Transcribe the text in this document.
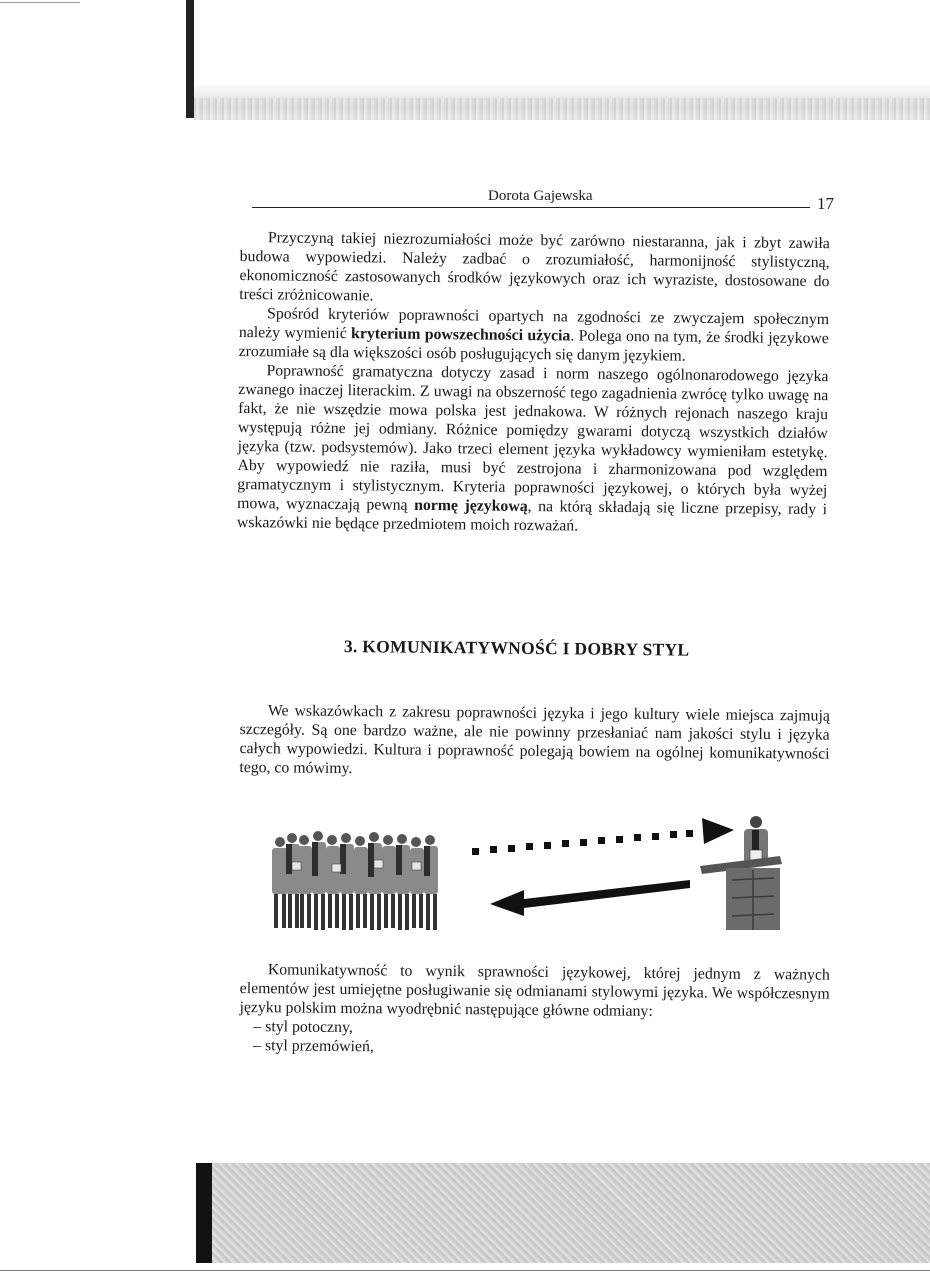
Dorota Gajewska	17

Przyczyną takiej niezrozumiałości może być zarówno niestaranna, jak i zbyt zawiła budowa wypowiedzi. Należy zadbać o zrozumiałość, harmonijność stylistyczną, ekonomiczność zastosowanych środków językowych oraz ich wyraziste, dostosowane do treści zróżnicowanie.

Spośród kryteriów poprawności opartych na zgodności ze zwyczajem społecznym należy wymienić kryterium powszechności użycia. Polega ono na tym, że środki językowe zrozumiałe są dla większości osób posługujących się danym językiem.

Poprawność gramatyczna dotyczy zasad i norm naszego ogólnonarodowego języka zwanego inaczej literackim. Z uwagi na obszerność tego zagadnienia zwrócę tylko uwagę na fakt, że nie wszędzie mowa polska jest jednakowa. W różnych rejonach naszego kraju występują różne jej odmiany. Różnice pomiędzy gwarami dotyczą wszystkich działów języka (tzw. podsystemów). Jako trzeci element języka wykładowcy wymieniłam estetykę. Aby wypowiedź nie raziła, musi być zestrojona i zharmonizowana pod względem gramatycznym i stylistycznym. Kryteria poprawności językowej, o których była wyżej mowa, wyznaczają pewną normę językową, na którą składają się liczne przepisy, rady i wskazówki nie będące przedmiotem moich rozważań.

3. KOMUNIKATYWNOŚĆ I DOBRY STYL

We wskazówkach z zakresu poprawności języka i jego kultury wiele miejsca zajmują szczegóły. Są one bardzo ważne, ale nie powinny przesłaniać nam jakości stylu i języka całych wypowiedzi. Kultura i poprawność polegają bowiem na ogólnej komunikatywności tego, co mówimy.

Komunikatywność to wynik sprawności językowej, której jednym z ważnych elementów jest umiejętne posługiwanie się odmianami stylowymi języka. We współczesnym języku polskim można wyodrębnić następujące główne odmiany:

– styl potoczny,
– styl przemówień,
